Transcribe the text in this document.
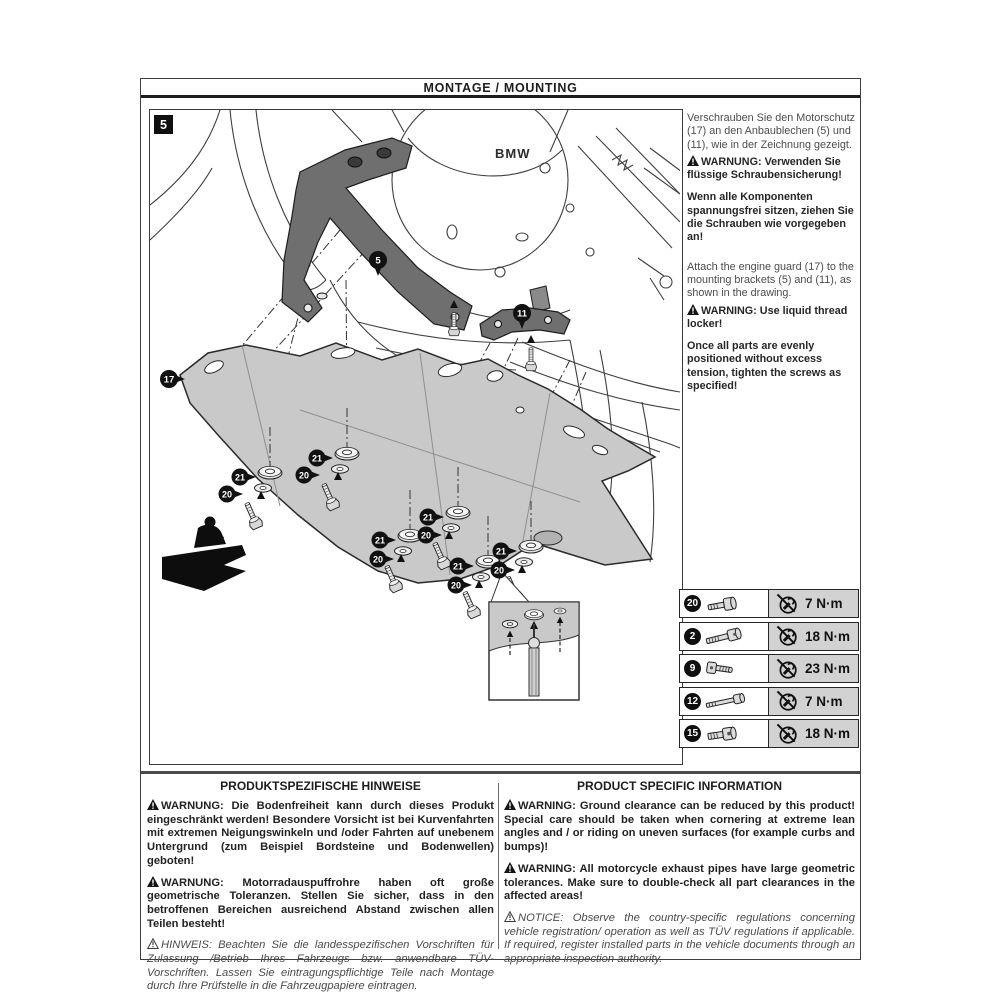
MONTAGE / MOUNTING
5
BMW
17
5
11
21
20
21
20
21
20
21
20
21
20
21
20

Verschrauben Sie den Motorschutz (17) an den Anbaublechen (5) und (11), wie in der Zeichnung gezeigt.

WARNUNG: Verwenden Sie flüssige Schraubensicherung!

Wenn alle Komponenten spannungsfrei sitzen, ziehen Sie die Schrauben wie vorgegeben an!

Attach the engine guard (17) to the mounting brackets (5) and (11), as shown in the drawing.

WARNING: Use liquid thread locker!

Once all parts are evenly positioned without excess tension, tighten the screws as specified!

20	7 N·m
2	18 N·m
9	23 N·m
12	7 N·m
15	18 N·m
PRODUKTSPEZIFISCHE HINWEISE

WARNUNG: Die Bodenfreiheit kann durch dieses Produkt eingeschränkt werden! Besondere Vorsicht ist bei Kurvenfahrten mit extremen Neigungswinkeln und /oder Fahrten auf unebenem Untergrund (zum Beispiel Bordsteine und Bodenwellen) geboten!

WARNUNG: Motorradauspuffrohre haben oft große geometrische Toleranzen. Stellen Sie sicher, dass in den betroffenen Bereichen ausreichend Abstand zwischen allen Teilen besteht!

HINWEIS: Beachten Sie die landesspezifischen Vorschriften für Zulassung /Betrieb Ihres Fahrzeugs bzw. anwendbare TÜV-Vorschriften. Lassen Sie eintragungspflichtige Teile nach Montage durch Ihre Prüfstelle in die Fahrzeugpapiere eintragen.

PRODUCT SPECIFIC INFORMATION

WARNING: Ground clearance can be reduced by this product! Special care should be taken when cornering at extreme lean angles and / or riding on uneven surfaces (for example curbs and bumps)!

WARNING: All motorcycle exhaust pipes have large geometric tolerances. Make sure to double-check all part clearances in the affected areas!

NOTICE: Observe the country-specific regulations concerning vehicle registration/ operation as well as TÜV regulations if applicable. If required, register installed parts in the vehicle documents through an appropriate inspection authority.
